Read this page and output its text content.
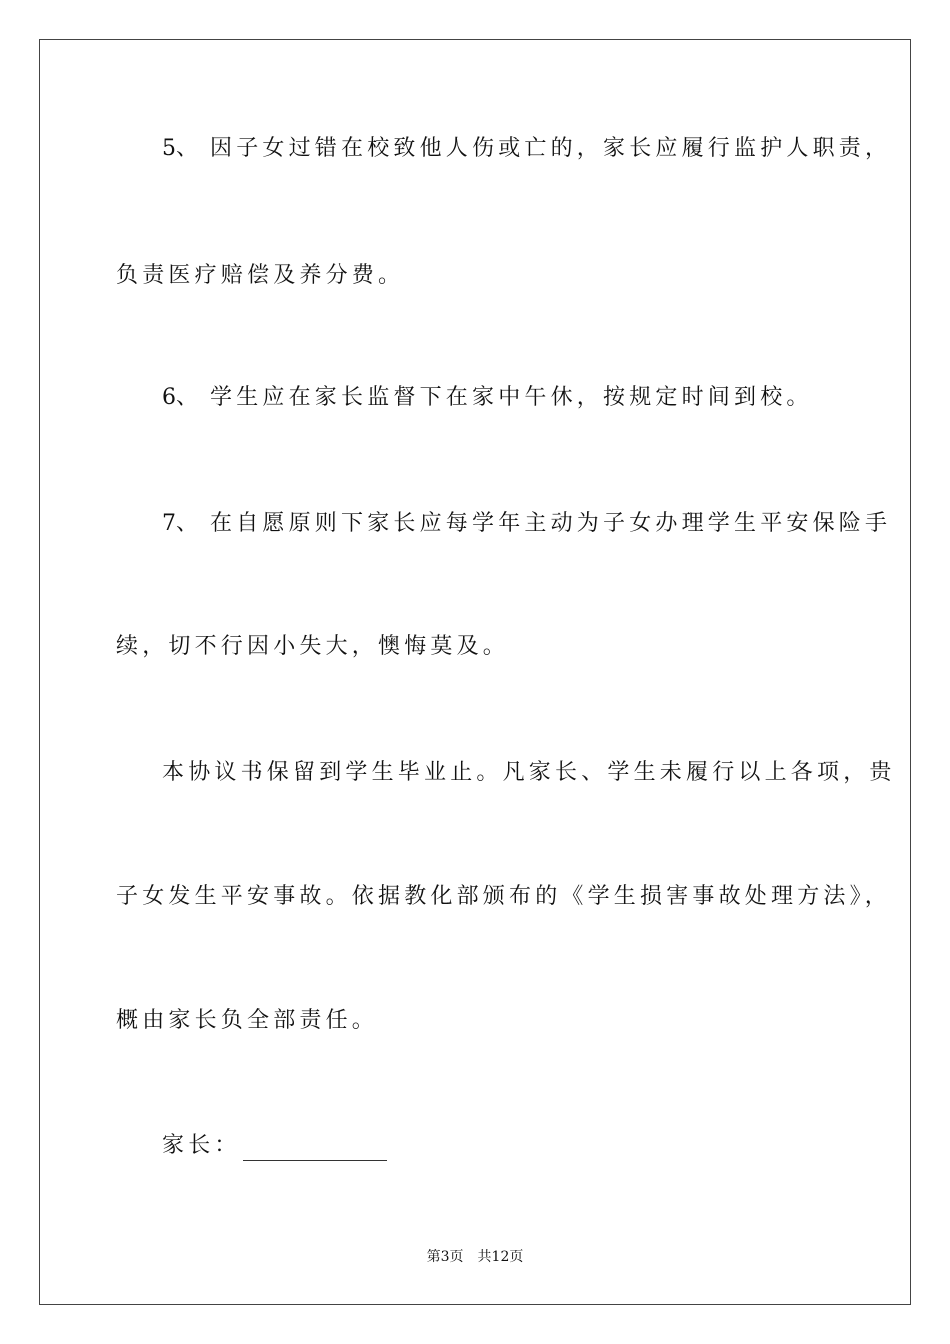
5、 因子女过错在校致他人伤或亡的，家长应履行监护人职责，
负责医疗赔偿及养分费。
6、 学生应在家长监督下在家中午休，按规定时间到校。
7、 在自愿原则下家长应每学年主动为子女办理学生平安保险手
续，切不行因小失大，懊悔莫及。
本协议书保留到学生毕业止。凡家长、学生未履行以上各项，贵
子女发生平安事故。依据教化部颁布的《学生损害事故处理方法》，
概由家长负全部责任。
家长：
第3页 共12页
